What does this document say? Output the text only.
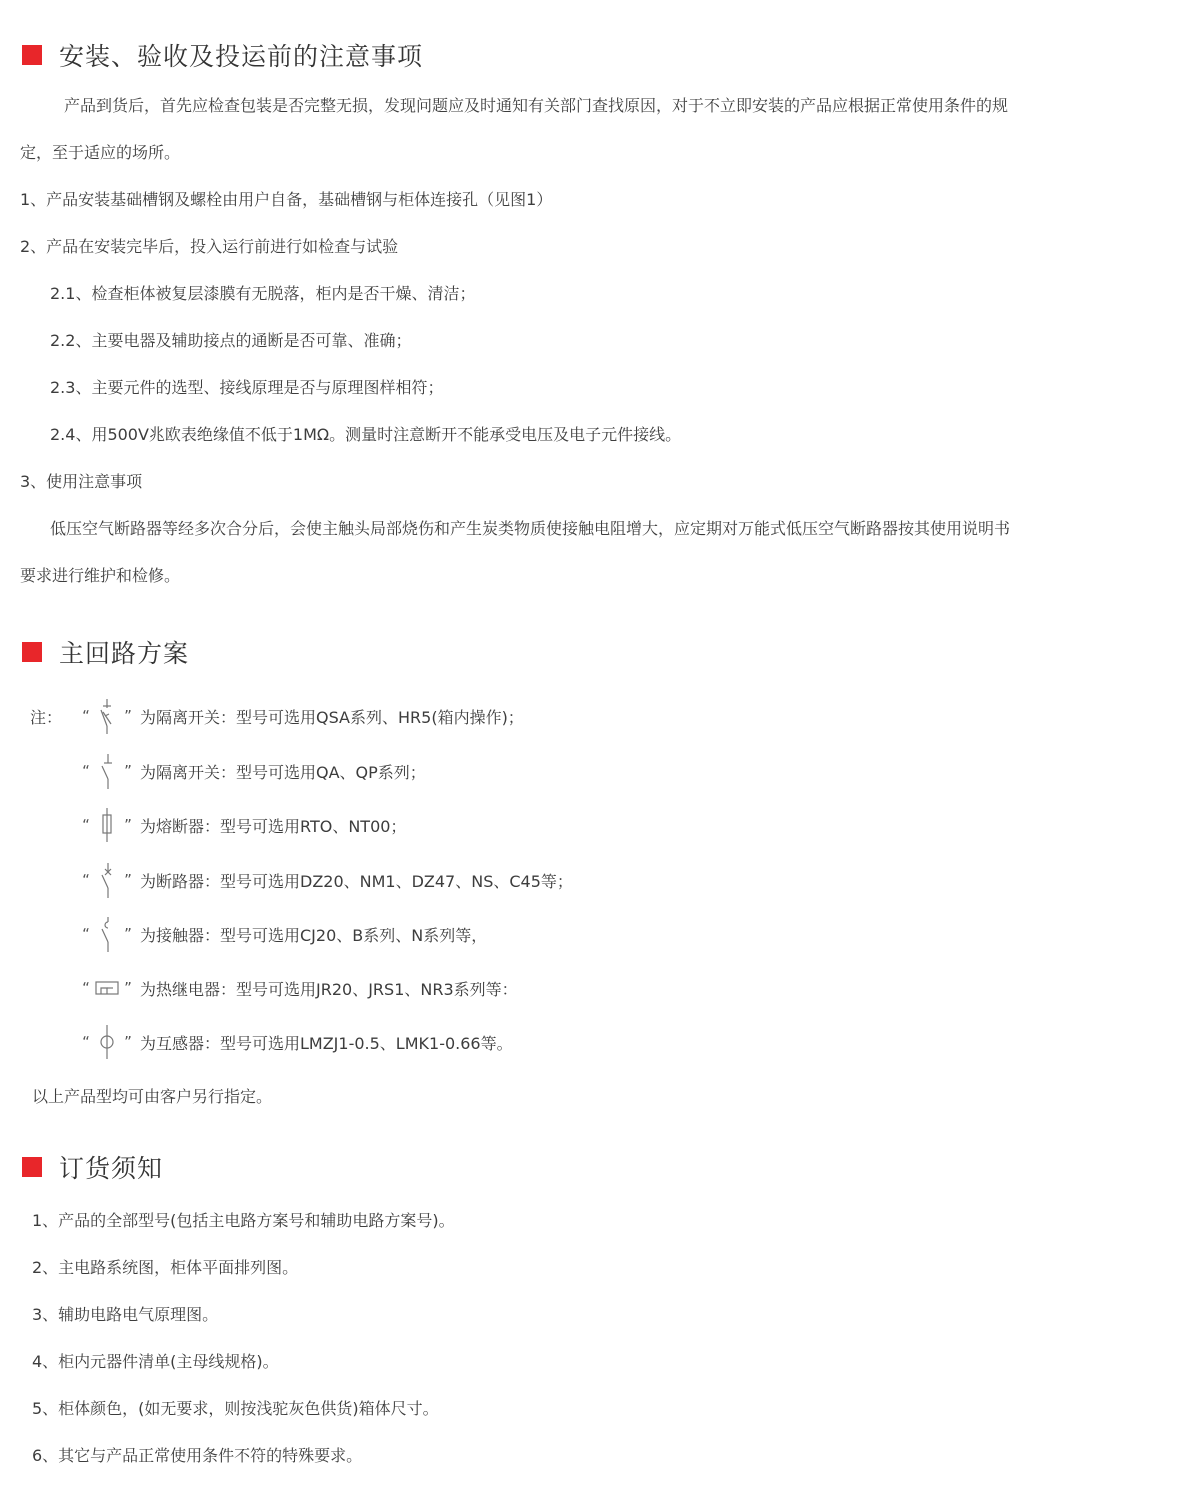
安装、验收及投运前的注意事项
产品到货后，首先应检查包装是否完整无损，发现问题应及时通知有关部门查找原因，对于不立即安装的产品应根据正常使用条件的规
定，至于适应的场所。
1、产品安装基础槽钢及螺栓由用户自备，基础槽钢与柜体连接孔（见图1）
2、产品在安装完毕后，投入运行前进行如检查与试验
2.1、检查柜体被复层漆膜有无脱落，柜内是否干燥、清洁；
2.2、主要电器及辅助接点的通断是否可靠、准确；
2.3、主要元件的选型、接线原理是否与原理图样相符；
2.4、用500V兆欧表绝缘值不低于1MΩ。测量时注意断开不能承受电压及电子元件接线。
3、使用注意事项
低压空气断路器等经多次合分后，会使主触头局部烧伤和产生炭类物质使接触电阻增大，应定期对万能式低压空气断路器按其使用说明书
要求进行维护和检修。
主回路方案
注：	“ ” 为隔离开关：型号可选用QSA系列、HR5(箱内操作)；
“ ” 为隔离开关：型号可选用QA、QP系列；
“ ” 为熔断器：型号可选用RTO、NT00；
“ ” 为断路器：型号可选用DZ20、NM1、DZ47、NS、C45等；
“ ” 为接触器：型号可选用CJ20、B系列、N系列等，
“ ” 为热继电器：型号可选用JR20、JRS1、NR3系列等：
“ ” 为互感器：型号可选用LMZJ1-0.5、LMK1-0.66等。
以上产品型均可由客户另行指定。
订货须知
1、产品的全部型号(包括主电路方案号和辅助电路方案号)。
2、主电路系统图，柜体平面排列图。
3、辅助电路电气原理图。
4、柜内元器件清单(主母线规格)。
5、柜体颜色，(如无要求，则按浅驼灰色供货)箱体尺寸。
6、其它与产品正常使用条件不符的特殊要求。
